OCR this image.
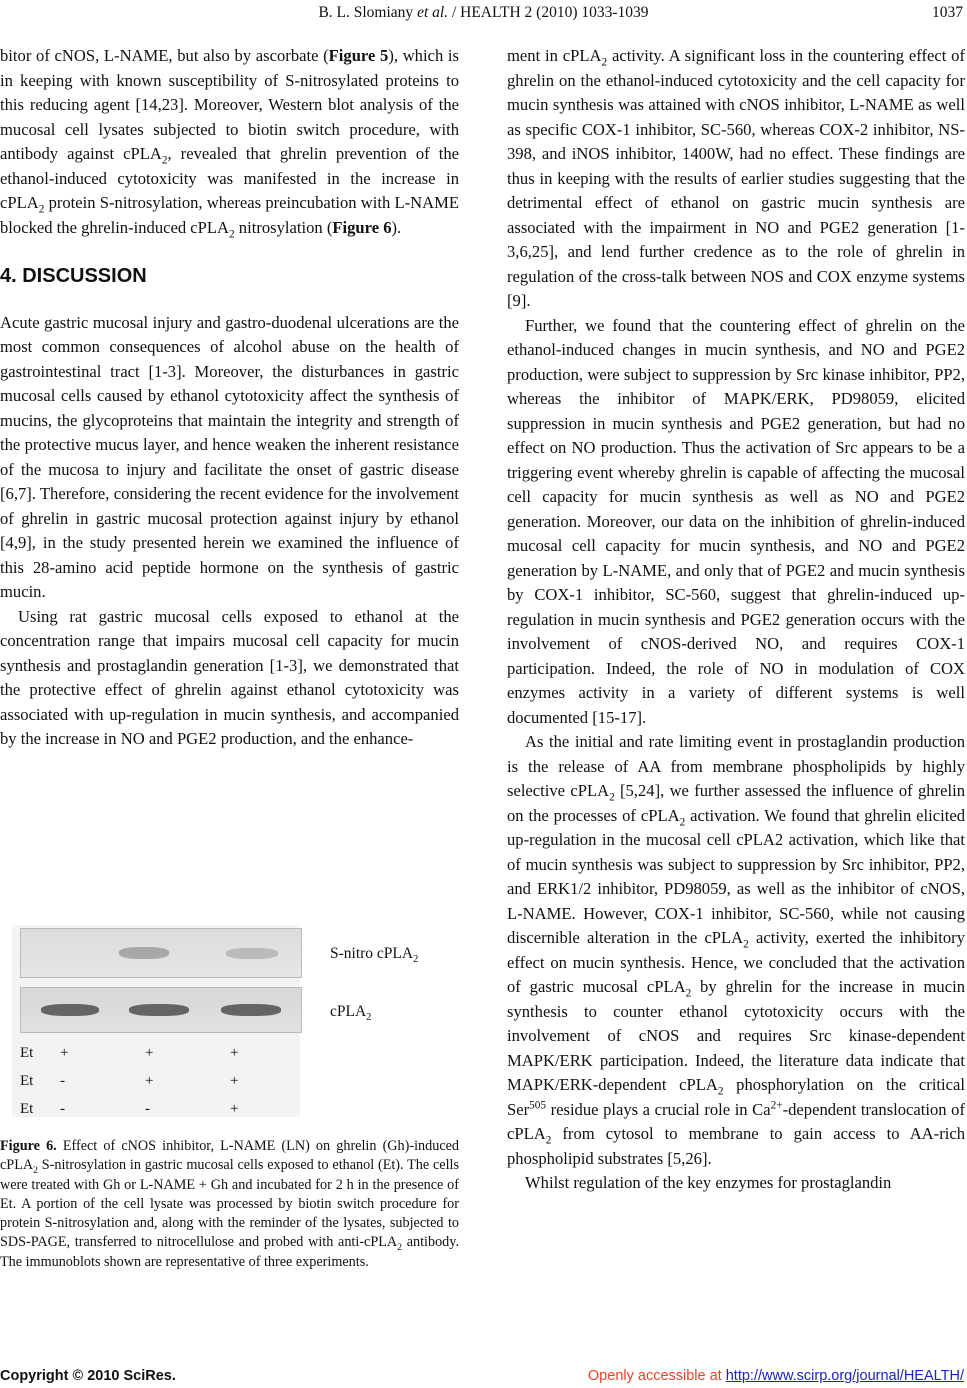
B. L. Slomiany et al. / HEALTH 2 (2010) 1033-1039	1037

bitor of cNOS, L-NAME, but also by ascorbate (Figure 5), which is in keeping with known susceptibility of S-nitrosylated proteins to this reducing agent [14,23]. Moreover, Western blot analysis of the mucosal cell lysates subjected to biotin switch procedure, with antibody against cPLA$_2$, revealed that ghrelin prevention of the ethanol-induced cytotoxicity was manifested in the increase in cPLA$_2$ protein S-nitrosylation, whereas preincubation with L-NAME blocked the ghrelin-induced cPLA$_2$ nitrosylation (Figure 6).

4. DISCUSSION

Acute gastric mucosal injury and gastro-duodenal ulcerations are the most common consequences of alcohol abuse on the health of gastrointestinal tract [1-3]. Moreover, the disturbances in gastric mucosal cells caused by ethanol cytotoxicity affect the synthesis of mucins, the glycoproteins that maintain the integrity and strength of the protective mucus layer, and hence weaken the inherent resistance of the mucosa to injury and facilitate the onset of gastric disease [6,7]. Therefore, considering the recent evidence for the involvement of ghrelin in gastric mucosal protection against injury by ethanol [4,9], in the study presented herein we examined the influence of this 28-amino acid peptide hormone on the synthesis of gastric mucin.

Using rat gastric mucosal cells exposed to ethanol at the concentration range that impairs mucosal cell capacity for mucin synthesis and prostaglandin generation [1-3], we demonstrated that the protective effect of ghrelin against ethanol cytotoxicity was associated with up-regulation in mucin synthesis, and accompanied by the increase in NO and PGE2 production, and the enhance-

S-nitro cPLA$_2$
cPLA$_2$
Et +	+	+
Et -	+	+
Et -	-	+
Figure 6. Effect of cNOS inhibitor, L-NAME (LN) on ghrelin (Gh)-induced cPLA$_2$ S-nitrosylation in gastric mucosal cells exposed to ethanol (Et). The cells were treated with Gh or L-NAME + Gh and incubated for 2 h in the presence of Et. A portion of the cell lysate was processed by biotin switch procedure for protein S-nitrosylation and, along with the reminder of the lysates, subjected to SDS-PAGE, transferred to nitrocellulose and probed with anti-cPLA$_2$ antibody. The immunoblots shown are representative of three experiments.

ment in cPLA$_2$ activity. A significant loss in the countering effect of ghrelin on the ethanol-induced cytotoxicity and the cell capacity for mucin synthesis was attained with cNOS inhibitor, L-NAME as well as specific COX-1 inhibitor, SC-560, whereas COX-2 inhibitor, NS-398, and iNOS inhibitor, 1400W, had no effect. These findings are thus in keeping with the results of earlier studies suggesting that the detrimental effect of ethanol on gastric mucin synthesis are associated with the impairment in NO and PGE2 generation [1-3,6,25], and lend further credence as to the role of ghrelin in regulation of the cross-talk between NOS and COX enzyme systems [9].

Further, we found that the countering effect of ghrelin on the ethanol-induced changes in mucin synthesis, and NO and PGE2 production, were subject to suppression by Src kinase inhibitor, PP2, whereas the inhibitor of MAPK/ERK, PD98059, elicited suppression in mucin synthesis and PGE2 generation, but had no effect on NO production. Thus the activation of Src appears to be a triggering event whereby ghrelin is capable of affecting the mucosal cell capacity for mucin synthesis as well as NO and PGE2 generation. Moreover, our data on the inhibition of ghrelin-induced mucosal cell capacity for mucin synthesis, and NO and PGE2 generation by L-NAME, and only that of PGE2 and mucin synthesis by COX-1 inhibitor, SC-560, suggest that ghrelin-induced up-regulation in mucin synthesis and PGE2 generation occurs with the involvement of cNOS-derived NO, and requires COX-1 participation. Indeed, the role of NO in modulation of COX enzymes activity in a variety of different systems is well documented [15-17].

As the initial and rate limiting event in prostaglandin production is the release of AA from membrane phospholipids by highly selective cPLA$_2$ [5,24], we further assessed the influence of ghrelin on the processes of cPLA$_2$ activation. We found that ghrelin elicited up-regulation in the mucosal cell cPLA2 activation, which like that of mucin synthesis was subject to suppression by Src inhibitor, PP2, and ERK1/2 inhibitor, PD98059, as well as the inhibitor of cNOS, L-NAME. However, COX-1 inhibitor, SC-560, while not causing discernible alteration in the cPLA$_2$ activity, exerted the inhibitory effect on mucin synthesis. Hence, we concluded that the activation of gastric mucosal cPLA$_2$ by ghrelin for the increase in mucin synthesis to counter ethanol cytotoxicity occurs with the involvement of cNOS and requires Src kinase-dependent MAPK/ERK participation. Indeed, the literature data indicate that MAPK/ERK-dependent cPLA$_2$ phosphorylation on the critical Ser$^{505}$ residue plays a crucial role in $Ca^{2+}$-dependent translocation of cPLA$_2$ from cytosol to membrane to gain access to AA-rich phospholipid substrates [5,26].

Whilst regulation of the key enzymes for prostaglandin

Copyright © 2010 SciRes.	Openly accessible at http://www.scirp.org/journal/HEALTH/
